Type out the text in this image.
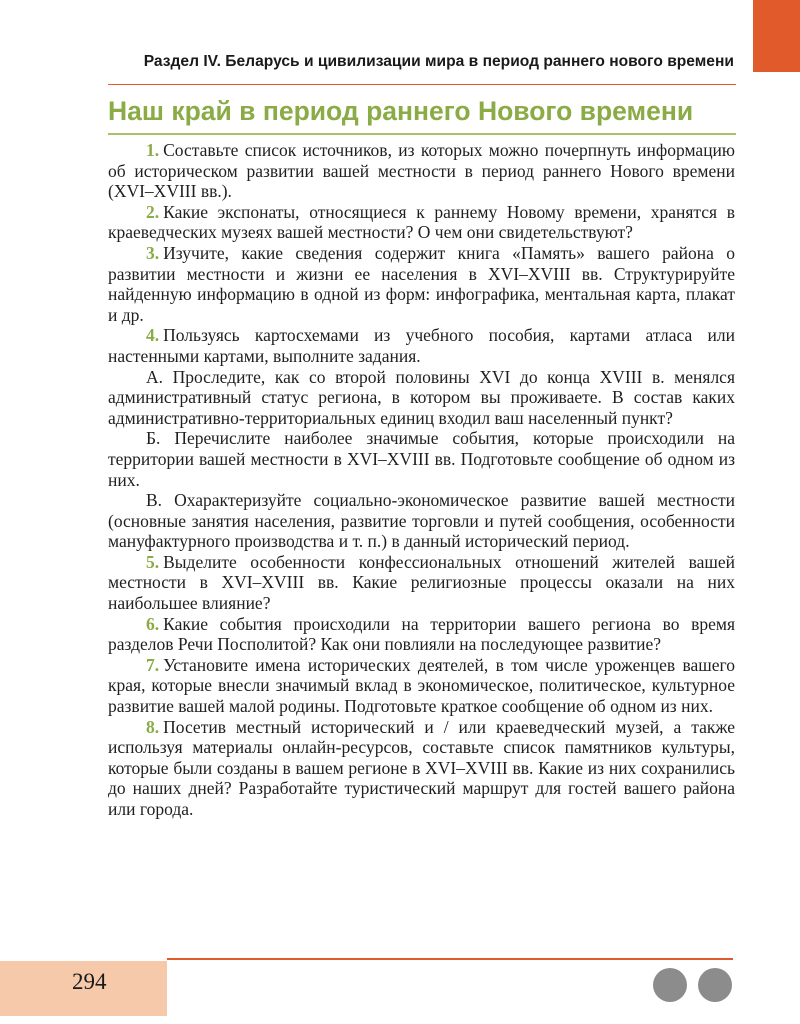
Раздел IV. Беларусь и цивилизации мира в период раннего нового времени
Наш край в период раннего Нового времени

1. Составьте список источников, из которых можно почерпнуть информацию об историческом развитии вашей местности в период раннего Нового времени (XVI–XVIII вв.).

2. Какие экспонаты, относящиеся к раннему Новому времени, хранятся в краеведческих музеях вашей местности? О чем они свидетельствуют?

3. Изучите, какие сведения содержит книга «Память» вашего района о развитии местности и жизни ее населения в XVI–XVIII вв. Структурируйте найденную информацию в одной из форм: инфографика, ментальная карта, плакат и др.

4. Пользуясь картосхемами из учебного пособия, картами атласа или настенными картами, выполните задания.

А. Проследите, как со второй половины XVI до конца XVIII в. менялся административный статус региона, в котором вы проживаете. В состав каких административно-территориальных единиц входил ваш населенный пункт?

Б. Перечислите наиболее значимые события, которые происходили на территории вашей местности в XVI–XVIII вв. Подготовьте сообщение об одном из них.

В. Охарактеризуйте социально-экономическое развитие вашей местности (основные занятия населения, развитие торговли и путей сообщения, особенности мануфактурного производства и т. п.) в данный исторический период.

5. Выделите особенности конфессиональных отношений жителей вашей местности в XVI–XVIII вв. Какие религиозные процессы оказали на них наибольшее влияние?

6. Какие события происходили на территории вашего региона во время разделов Речи Посполитой? Как они повлияли на последующее развитие?

7. Установите имена исторических деятелей, в том числе уроженцев вашего края, которые внесли значимый вклад в экономическое, политическое, культурное развитие вашей малой родины. Подготовьте краткое сообщение об одном из них.

8. Посетив местный исторический и / или краеведческий музей, а также используя материалы онлайн-ресурсов, составьте список памятников культуры, которые были созданы в вашем регионе в XVI–XVIII вв. Какие из них сохранились до наших дней? Разработайте туристический маршрут для гостей вашего района или города.

294
